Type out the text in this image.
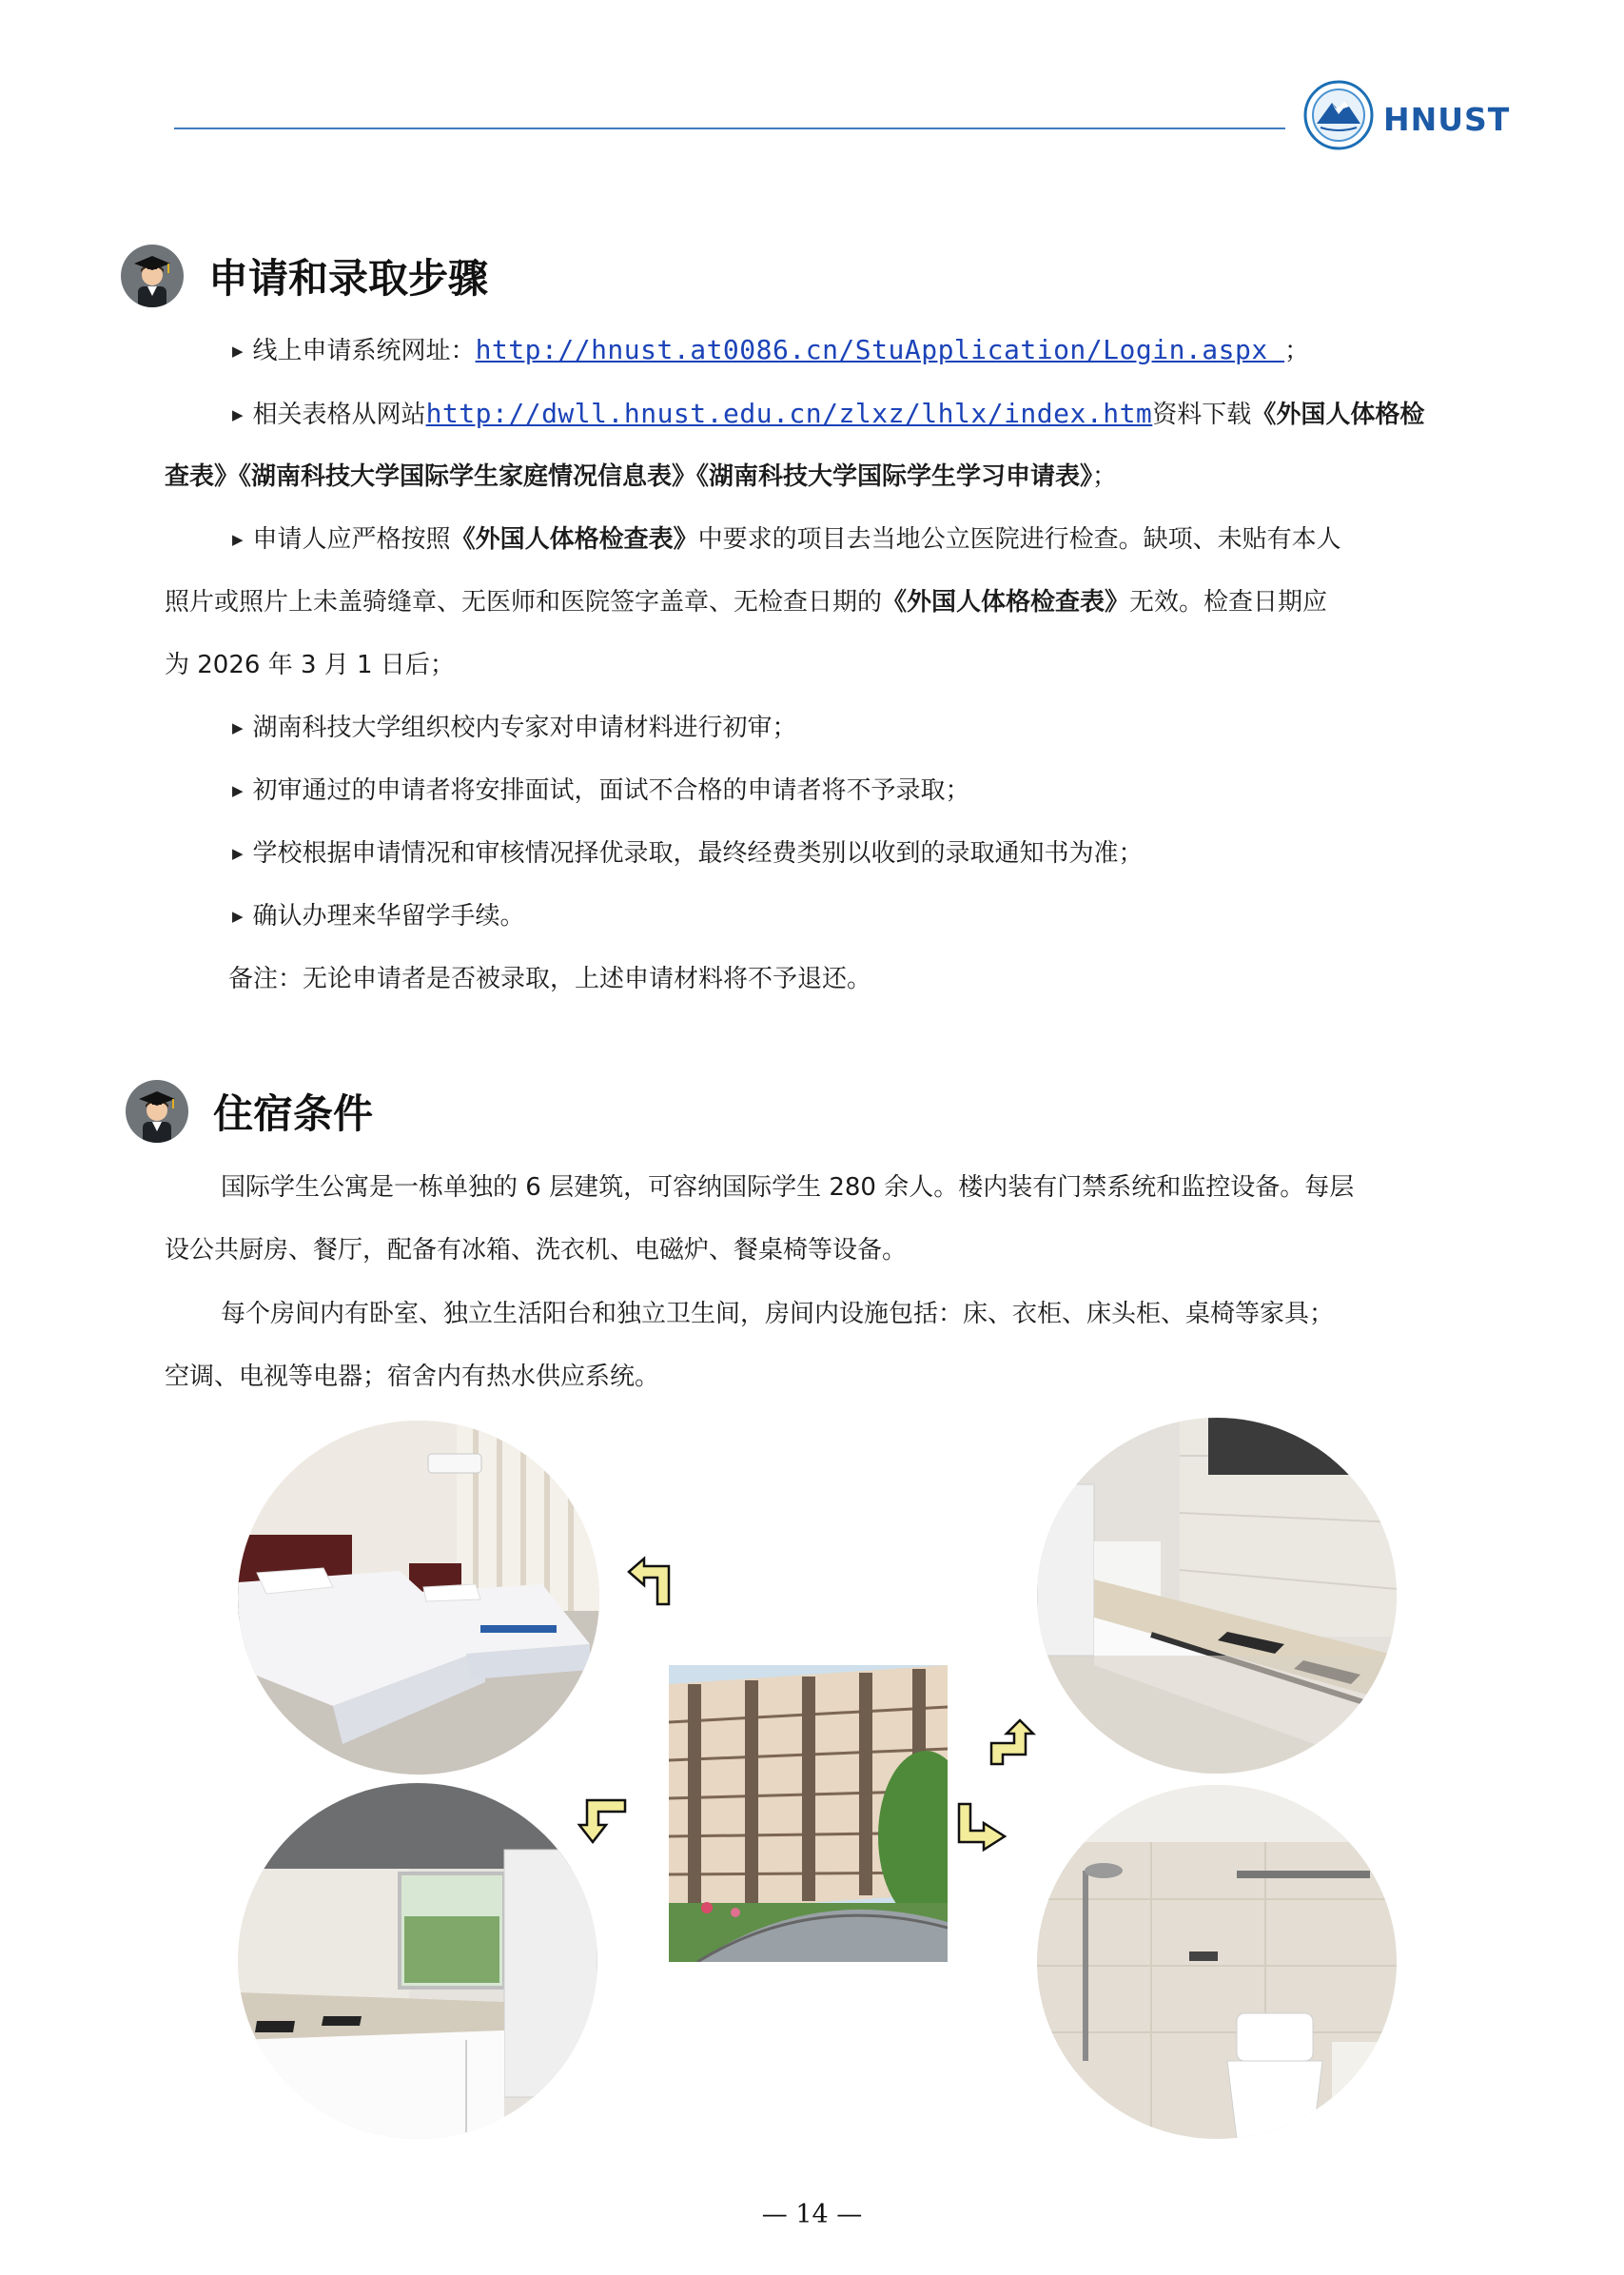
HNUST
申请和录取步骤
▶ 线上申请系统网址：http://hnust.at0086.cn/StuApplication/Login.aspx ；
▶ 相关表格从网站http://dwll.hnust.edu.cn/zlxz/lhlx/index.htm资料下载《外国人体格检
查表》《湖南科技大学国际学生家庭情况信息表》《湖南科技大学国际学生学习申请表》；
▶ 申请人应严格按照《外国人体格检查表》中要求的项目去当地公立医院进行检查。缺项、未贴有本人
照片或照片上未盖骑缝章、无医师和医院签字盖章、无检查日期的《外国人体格检查表》无效。检查日期应
为 2026 年 3 月 1 日后；
▶ 湖南科技大学组织校内专家对申请材料进行初审；
▶ 初审通过的申请者将安排面试，面试不合格的申请者将不予录取；
▶ 学校根据申请情况和审核情况择优录取，最终经费类别以收到的录取通知书为准；
▶ 确认办理来华留学手续。
备注：无论申请者是否被录取，上述申请材料将不予退还。
住宿条件
国际学生公寓是一栋单独的 6 层建筑，可容纳国际学生 280 余人。楼内装有门禁系统和监控设备。每层
设公共厨房、餐厅，配备有冰箱、洗衣机、电磁炉、餐桌椅等设备。
每个房间内有卧室、独立生活阳台和独立卫生间，房间内设施包括：床、衣柜、床头柜、桌椅等家具；
空调、电视等电器；宿舍内有热水供应系统。
— 14 —
